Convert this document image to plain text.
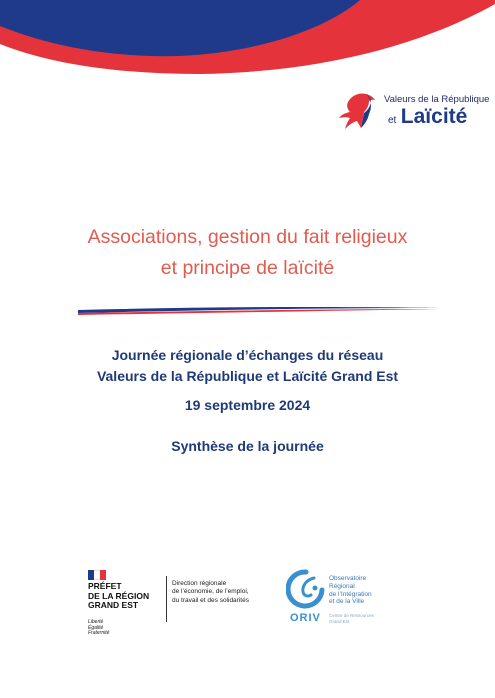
Valeurs de la République
et Laïcité
Associations, gestion du fait religieux
et principe de laïcité
Journée régionale d’échanges du réseau
Valeurs de la République et Laïcité Grand Est
19 septembre 2024
Synthèse de la journée
PRÉFET
DE LA RÉGION
GRAND EST
Liberté
Égalité
Fraternité
Direction régionale
de l’économie, de l’emploi,
du travail et des solidarités
Observatoire
Régional
de l’Intégration
et de la Ville
ORIV Centre de Ressources
Grand Est
